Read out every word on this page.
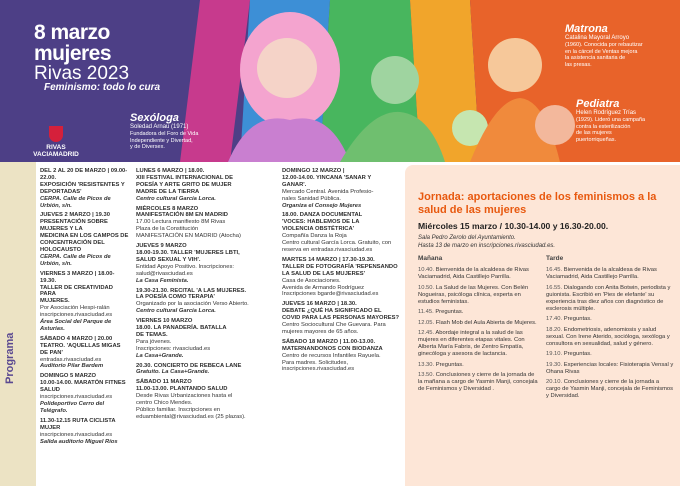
8 marzo
mujeres
Rivas 2023
Feminismo: todo lo cura
RIVAS
VACIAMADRID
Sexóloga
Soledad Arnau (1971)
Fundadora del Foro de Vida
Independiente y Divertad,
y de Diversex.
Matrona
Catalina Mayoral Arroyo
(1960). Conocida por rebautizar
en la cárcel de Ventas mejora
la asistencia sanitaria de
las presas.
Pediatra
Helen Rodríguez Trías
(1929). Lideró una campaña
contra la esterilización
de las mujeres
puertorriqueñas.
Programa
DEL 2 AL 20 DE MARZO | 09.00-22.00.
EXPOSICIÓN 'RESISTENTES Y
DEPORTADAS'
CERPA. Calle de Picos de Urbión, s/n.
JUEVES 2 MARZO | 19.30
PRESENTACIÓN SOBRE MUJERES Y LA
MEDICINA EN LOS CAMPOS DE
CONCENTRACIÓN DEL HOLOCAUSTO
CERPA. Calle de Picos de Urbión, s/n.
VIERNES 3 MARZO | 18.00-19.30.
TALLER DE CREATIVIDAD PARA
MUJERES.
Por Asociación Hespi-ralán
inscripciones.rivasciudad.es
Área Social del Parque de Asturias.
SÁBADO 4 MARZO | 20.00
TEATRO. 'AQUELLAS MIGAS DE PAN'
entradas.rivasciudad.es
Auditorio Pilar Bardem
DOMINGO 5 MARZO
10.00-14.00. MARATÓN FITNES SALUD
inscripciones.rivasciudad.es
Polideportivo Cerro del Telégrafo.
11.30-12.15 RUTA CICLISTA MUJER
inscripciones.rivasciudad.es
Salida auditorio Miguel Ríos
LUNES 6 MARZO | 18.00.
XIII FESTIVAL INTERNACIONAL DE
POESÍA Y ARTE GRITO DE MUJER
MADRE DE LA TIERRA
Centro cultural García Lorca.
MIÉRCOLES 8 MARZO
MANIFESTACIÓN 8M EN MADRID
17.00 Lectura manifiesto 8M Rivas
Plaza de la Constitución
MANIFESTACIÓN EN MADRID (Atocha)
JUEVES 9 MARZO
18.00-19.30. TALLER 'MUJERES LBTI,
SALUD SEXUAL Y VIH'.
Entidad Apoyo Positivo. Inscripciones: salud@rivasciudad.es
La Casa Feminista.
19.30-21.30. RECITAL 'A LAS MUJERES.
LA POESÍA COMO TERAPIA'
Organizado por la asociación Verso Abierto.
Centro cultural García Lorca.
VIERNES 10 MARZO
18.00. LA PANADERÍA. BATALLA
DE TEMAS.
Para jóvenes.
Inscripciones: rivasciudad.es
La Casa+Grande.
20.30. CONCIERTO DE REBECA LANE
Gratuito. La Casa+Grande.
SÁBADO 11 MARZO
11.00-13.00. PLANTANDO SALUD
Desde Rivas Urbanizaciones hasta el
centro Chico Mendes.
Público familiar. Inscripciones en
eduambiental@rivasciudad.es (25 plazas).
DOMINGO 12 MARZO |
12.00-14.00. YINCANA 'SANAR Y
GANAR'.
Mercado Central. Avenida Profesio-
nales Sanidad Pública.
Organiza el Consejo Mujeres
18.00. DANZA DOCUMENTAL
'VOCES: HABLEMOS DE LA
VIOLENCIA OBSTÉTRICA'
Compañía Danza la Roja
Centro cultural García Lorca. Gratuito, con
reserva en entradas.rivasciudad.es
MARTES 14 MARZO | 17.30-19.30.
TALLER DE FOTOGRAFÍA 'REPENSANDO
LA SALUD DE LAS MUJERES'
Casa de Asociaciones.
Avenida de Armando Rodríguez
Inscripciones bgarde@rivasciudad.es
JUEVES 16 MARZO | 18.30.
DEBATE ¿QUÉ HA SIGNIFICADO EL
COVID PARA LAS PERSONAS MAYORES?
Centro Sociocultural Che Guevara. Para
mujeres mayores de 65 años.
SÁBADO 18 MARZO | 11.00-13.00.
MATERNANDONOS CON BIODANZA
Centro de recursos Infantiles Rayuela.
Para madres. Solicitudes,
inscripciones.rivasciudad.es
Jornada: aportaciones de los feminismos a la salud de las mujeres
Miércoles 15 marzo / 10.30-14.00 y 16.30-20.00.
Sala Pedro Zerolo del Ayuntamiento.
Hasta 13 de marzo en inscripciones.rivasciudad.es.
Mañana	Tarde
10.40. Bienvenida de la alcaldesa de Rivas Vaciamadrid, Aida Castillejo Parrilla.
10.50. La Salud de las Mujeres. Con Belén Nogueiras, psicóloga clínica, experta en estudios feministas.
11.45. Preguntas.
12.05. Flash Mob del Aula Abierta de Mujeres.
12.45. Abordaje integral a la salud de las mujeres en diferentes etapas vitales. Con Alberta María Fabris, de Zentro Empatía, ginecóloga y asesora de lactancia.
13.30. Preguntas.
13.50. Conclusiones y cierre de la jornada de la mañana a cargo de Yasmin Manji, concejala de Feminismos y Diversidad .
16.45. Bienvenida de la alcaldesa de Rivas Vaciamadrid, Aida Castillejo Parrilla.
16.55. Dialogando con Anita Botwin, periodista y guionista. Escribió en 'Pies de elefante' su experiencia tras diez años con diagnóstico de esclerosis múltiple.
17.40. Preguntas.
18.20. Endometriosis, adenomiosis y salud sexual. Con Irene Aterido, socióloga, sexóloga y consultora en sexualidad, salud y género.
19.10. Preguntas.
19.30. Experiencias locales: Fisioterapia Vensal y Ohana Rivas
20.10. Conclusiones y cierre de la jornada a cargo de Yasmin Manji, concejala de Feminismos y Diversidad.
